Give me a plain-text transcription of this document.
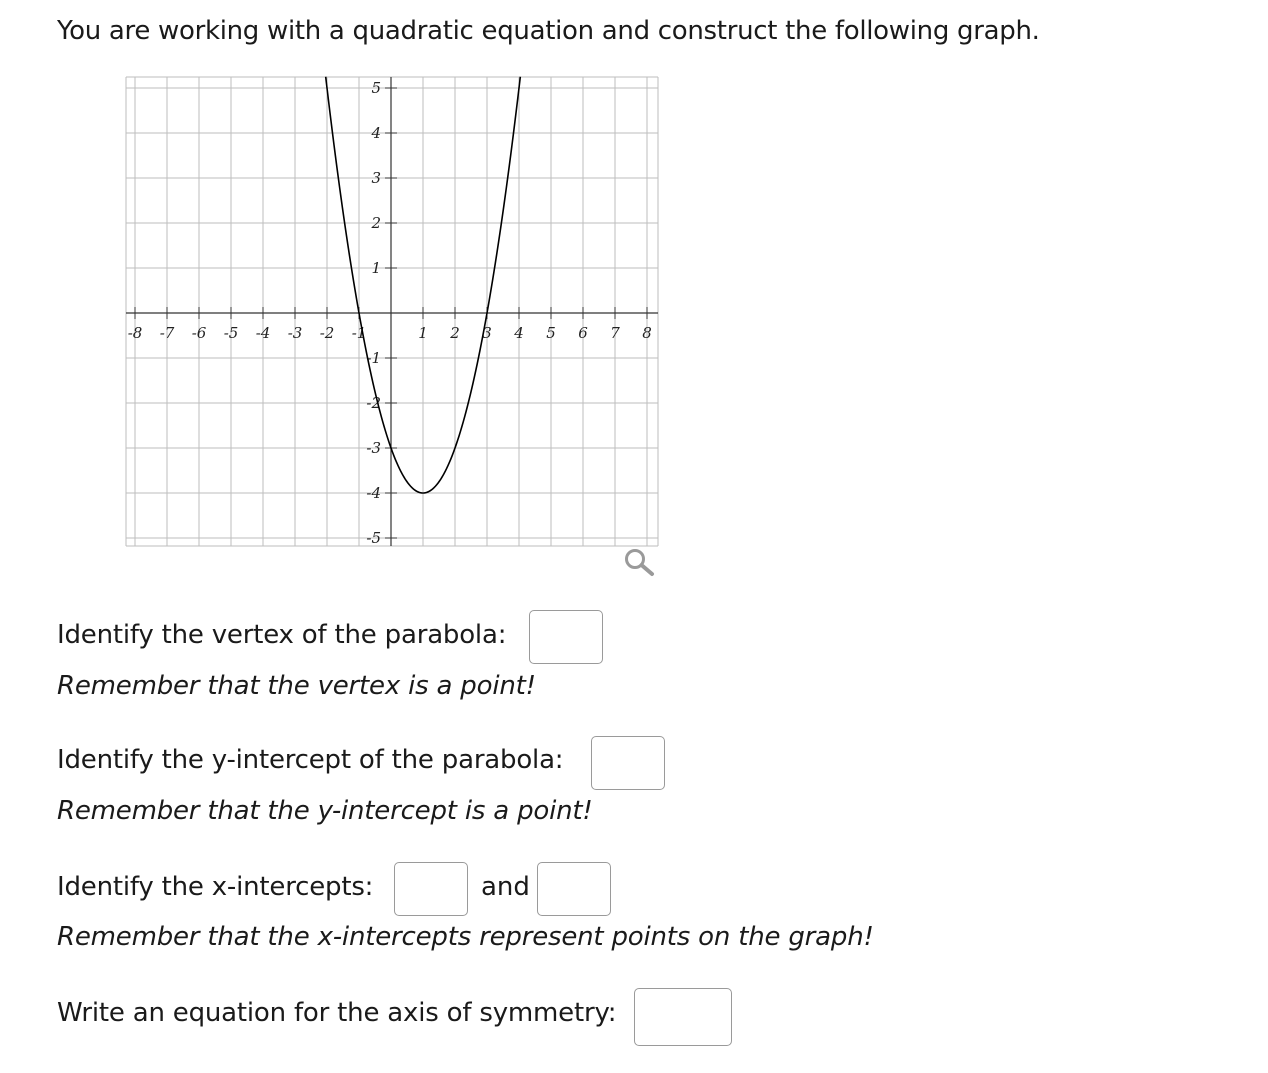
You are working with a quadratic equation and construct the following graph.
-8 -7 -6 -5 -4 -3 -2 -1	1 2 3 4 5 6 7 8
5
4
3
2
1
-1
-2
-3
-4
-5
Identify the vertex of the parabola:
Remember that the vertex is a point!
Identify the y-intercept of the parabola:
Remember that the y-intercept is a point!
Identify the x-intercepts:	and
Remember that the x-intercepts represent points on the graph!
Write an equation for the axis of symmetry:
